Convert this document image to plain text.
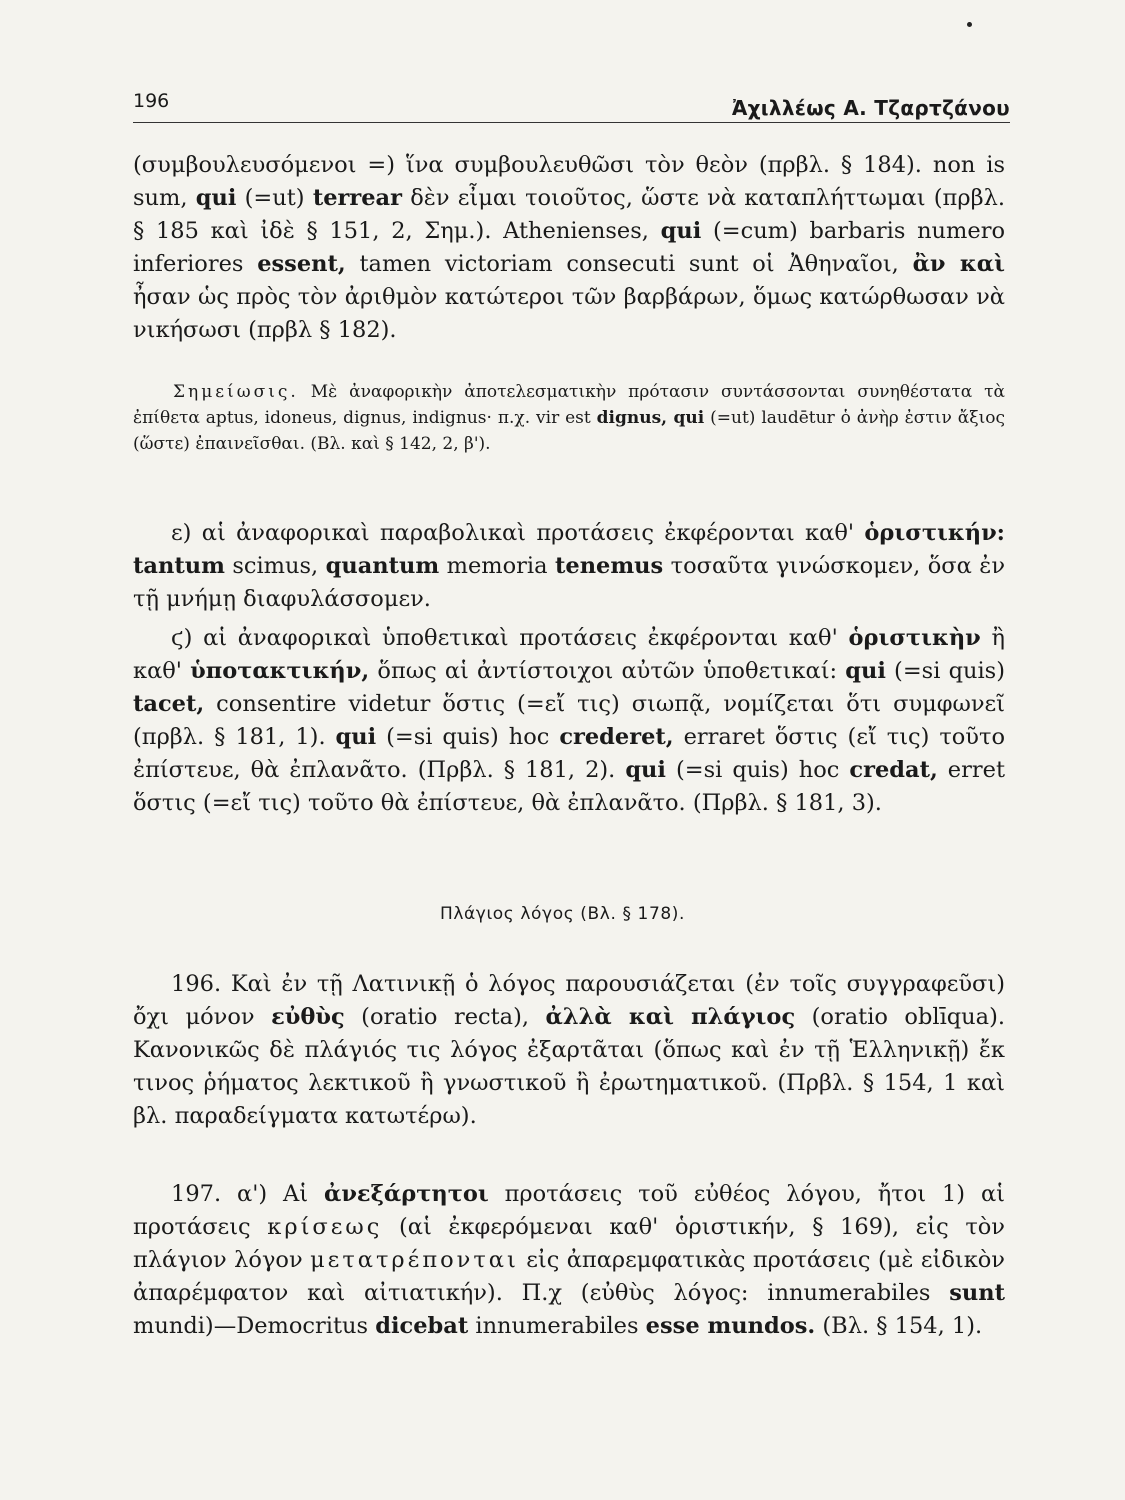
196	Ἀχιλλέως Α. Τζαρτζάνου

(συμβουλευσόμενοι =) ἵνα συμβουλευθῶσι τὸν θεὸν (πρβλ. § 184). non is sum, qui (=ut) terrear δὲν εἶμαι τοιοῦτος, ὥστε νὰ καταπλήττωμαι (πρβλ. § 185 καὶ ἰδὲ § 151, 2, Σημ.). Athenienses, qui (=cum) barbaris numero inferiores essent, tamen victoriam consecuti sunt οἱ Ἀθηναῖοι, ἂν καὶ ἦσαν ὡς πρὸς τὸν ἀριθμὸν κατώτεροι τῶν βαρβάρων, ὅμως κατώρθωσαν νὰ νικήσωσι (πρβλ § 182).

Σημείωσις. Μὲ ἀναφορικὴν ἀποτελεσματικὴν πρότασιν συντάσσονται συνηθέστατα τὰ ἐπίθετα aptus, idoneus, dignus, indignus· π.χ. vir est dignus, qui (=ut) laudētur ὁ ἀνὴρ ἐστιν ἄξιος (ὥστε) ἐπαινεῖσθαι. (Βλ. καὶ § 142, 2, β').

ε) αἱ ἀναφορικαὶ παραβολικαὶ προτάσεις ἐκφέρονται καθ' ὁριστικήν: tantum scimus, quantum memoria tenemus τοσαῦτα γινώσκομεν, ὅσα ἐν τῇ μνήμῃ διαφυλάσσομεν.

ϛ) αἱ ἀναφορικαὶ ὑποθετικαὶ προτάσεις ἐκφέρονται καθ' ὁριστικὴν ἢ καθ' ὑποτακτικήν, ὅπως αἱ ἀντίστοιχοι αὐτῶν ὑποθετικαί: qui (=si quis) tacet, consentire videtur ὅστις (=εἴ τις) σιωπᾷ, νομίζεται ὅτι συμφωνεῖ (πρβλ. § 181, 1). qui (=si quis) hoc crederet, erraret ὅστις (εἴ τις) τοῦτο ἐπίστευε, θὰ ἐπλανᾶτο. (Πρβλ. § 181, 2). qui (=si quis) hoc credat, erret ὅστις (=εἴ τις) τοῦτο θὰ ἐπίστευε, θὰ ἐπλανᾶτο. (Πρβλ. § 181, 3).

Πλάγιος λόγος (Βλ. § 178).

196. Καὶ ἐν τῇ Λατινικῇ ὁ λόγος παρουσιάζεται (ἐν τοῖς συγγραφεῦσι) ὄχι μόνον εὐθὺς (oratio recta), ἀλλὰ καὶ πλάγιος (oratio oblīqua). Κανονικῶς δὲ πλάγιός τις λόγος ἐξαρτᾶται (ὅπως καὶ ἐν τῇ Ἑλληνικῇ) ἔκ τινος ῥήματος λεκτικοῦ ἢ γνωστικοῦ ἢ ἐρωτηματικοῦ. (Πρβλ. § 154, 1 καὶ βλ. παραδείγματα κατωτέρω).

197. α') Αἱ ἀνεξάρτητοι προτάσεις τοῦ εὐθέος λόγου, ἤτοι 1) αἱ προτάσεις κρίσεως (αἱ ἐκφερόμεναι καθ' ὁριστικήν, § 169), εἰς τὸν πλάγιον λόγον μετατρέπονται εἰς ἀπαρεμφατικὰς προτάσεις (μὲ εἰδικὸν ἀπαρέμφατον καὶ αἰτιατικήν). Π.χ (εὐθὺς λόγος: innumerabiles sunt mundi)—Democritus dicebat innumerabiles esse mundos. (Βλ. § 154, 1).
